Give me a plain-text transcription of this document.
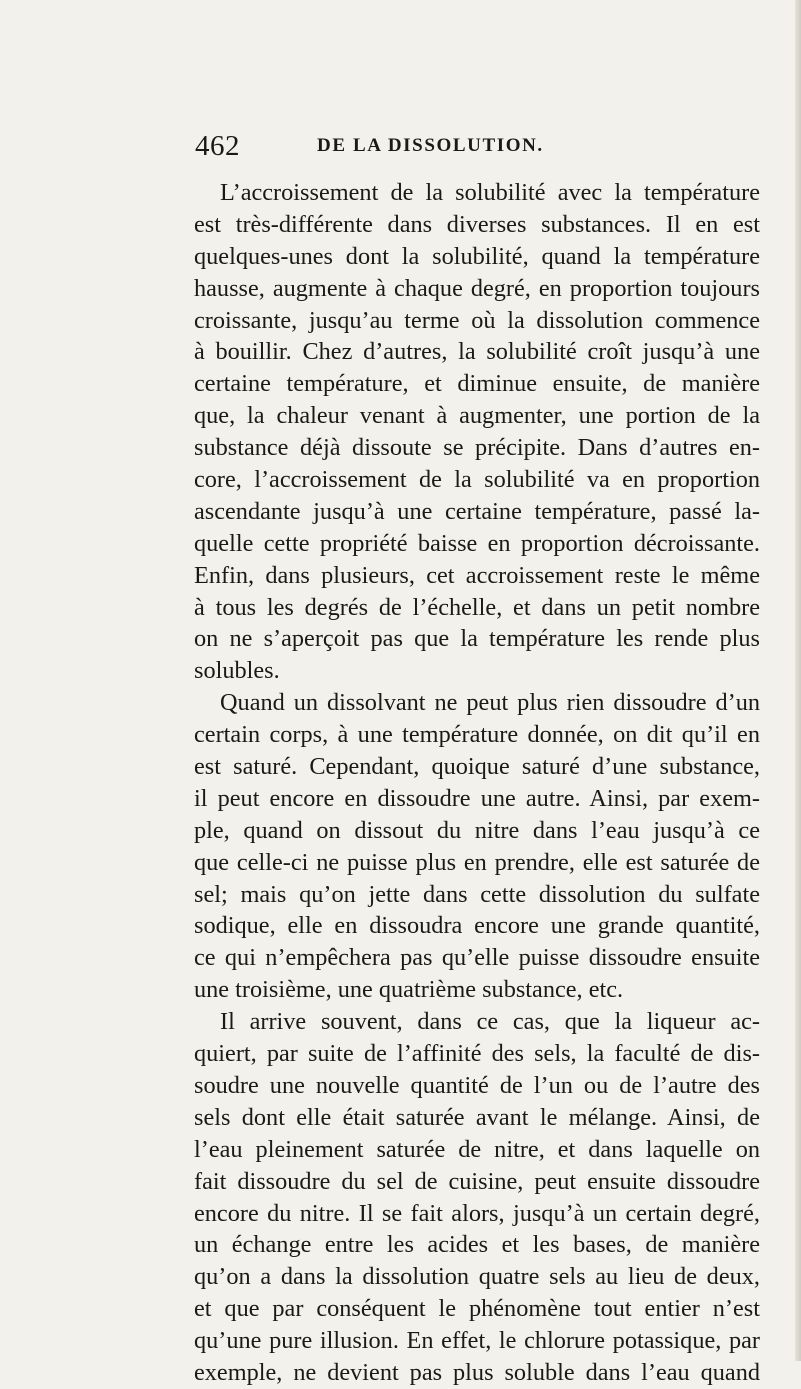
462	DE LA DISSOLUTION.
L’accroissement de la solubilité avec la température
est très-différente dans diverses substances. Il en est
quelques-unes dont la solubilité, quand la température
hausse, augmente à chaque degré, en proportion toujours
croissante, jusqu’au terme où la dissolution commence
à bouillir. Chez d’autres, la solubilité croît jusqu’à une
certaine température, et diminue ensuite, de manière
que, la chaleur venant à augmenter, une portion de la
substance déjà dissoute se précipite. Dans d’autres en-
core, l’accroissement de la solubilité va en proportion
ascendante jusqu’à une certaine température, passé la-
quelle cette propriété baisse en proportion décroissante.
Enfin, dans plusieurs, cet accroissement reste le même
à tous les degrés de l’échelle, et dans un petit nombre
on ne s’aperçoit pas que la température les rende plus
solubles.
Quand un dissolvant ne peut plus rien dissoudre d’un
certain corps, à une température donnée, on dit qu’il en
est saturé. Cependant, quoique saturé d’une substance,
il peut encore en dissoudre une autre. Ainsi, par exem-
ple, quand on dissout du nitre dans l’eau jusqu’à ce
que celle-ci ne puisse plus en prendre, elle est saturée de
sel; mais qu’on jette dans cette dissolution du sulfate
sodique, elle en dissoudra encore une grande quantité,
ce qui n’empêchera pas qu’elle puisse dissoudre ensuite
une troisième, une quatrième substance, etc.
Il arrive souvent, dans ce cas, que la liqueur ac-
quiert, par suite de l’affinité des sels, la faculté de dis-
soudre une nouvelle quantité de l’un ou de l’autre des
sels dont elle était saturée avant le mélange. Ainsi, de
l’eau pleinement saturée de nitre, et dans laquelle on
fait dissoudre du sel de cuisine, peut ensuite dissoudre
encore du nitre. Il se fait alors, jusqu’à un certain degré,
un échange entre les acides et les bases, de manière
qu’on a dans la dissolution quatre sels au lieu de deux,
et que par conséquent le phénomène tout entier n’est
qu’une pure illusion. En effet, le chlorure potassique, par
exemple, ne devient pas plus soluble dans l’eau quand
